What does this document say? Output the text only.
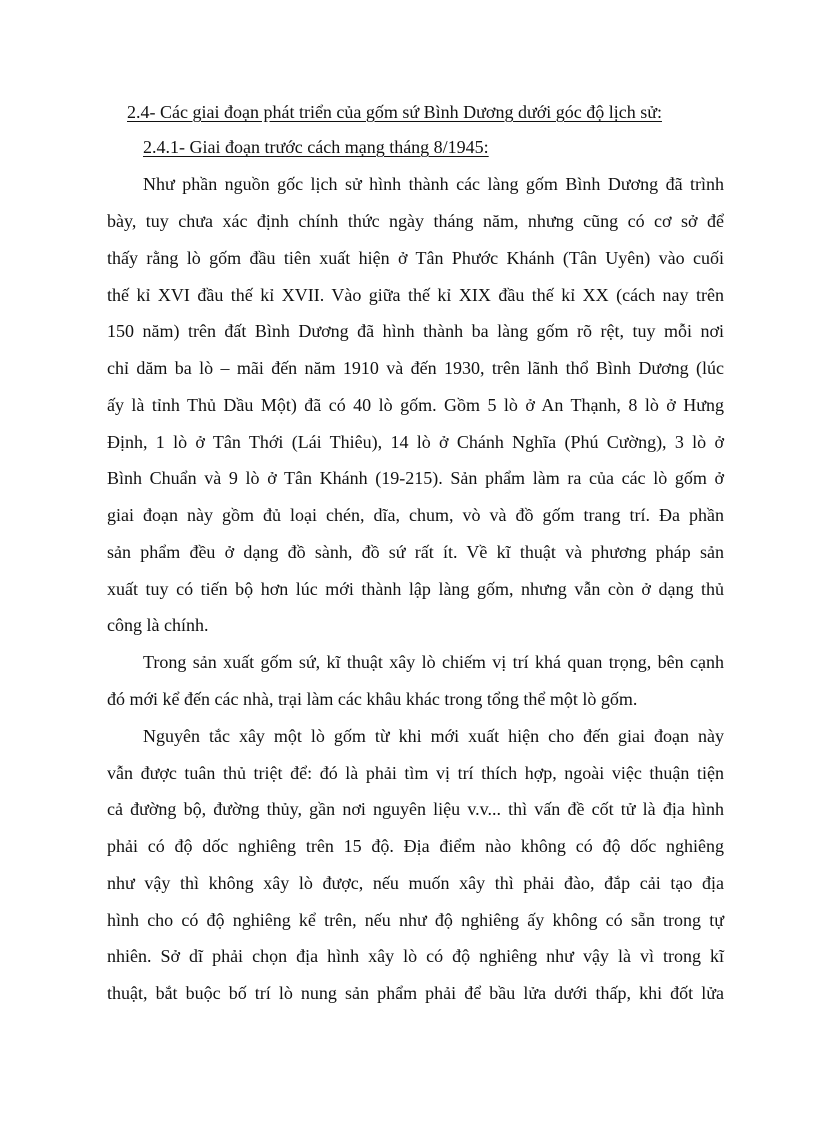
2.4- Các giai đoạn phát triển của gốm sứ Bình Dương dưới góc độ lịch sử:
2.4.1- Giai đoạn trước cách mạng tháng 8/1945:
Như phần nguồn gốc lịch sử hình thành các làng gốm Bình Dương đã trình
bày, tuy chưa xác định chính thức ngày tháng năm, nhưng cũng có cơ sở để
thấy rằng lò gốm đầu tiên xuất hiện ở Tân Phước Khánh (Tân Uyên) vào cuối
thế kỉ XVI đầu thế kỉ XVII. Vào giữa thế kỉ XIX đầu thế kỉ XX (cách nay trên
150 năm) trên đất Bình Dương đã hình thành ba làng gốm rõ rệt, tuy mỗi nơi
chỉ dăm ba lò – mãi đến năm 1910 và đến 1930, trên lãnh thổ Bình Dương (lúc
ấy là tỉnh Thủ Dầu Một) đã có 40 lò gốm. Gồm 5 lò ở An Thạnh, 8 lò ở Hưng
Định, 1 lò ở Tân Thới (Lái Thiêu), 14 lò ở Chánh Nghĩa (Phú Cường), 3 lò ở
Bình Chuẩn và 9 lò ở Tân Khánh (19-215). Sản phẩm làm ra của các lò gốm ở
giai đoạn này gồm đủ loại chén, dĩa, chum, vò và đồ gốm trang trí. Đa phần
sản phẩm đều ở dạng đồ sành, đồ sứ rất ít. Về kĩ thuật và phương pháp sản
xuất tuy có tiến bộ hơn lúc mới thành lập làng gốm, nhưng vẫn còn ở dạng thủ
công là chính.
Trong sản xuất gốm sứ, kĩ thuật xây lò chiếm vị trí khá quan trọng, bên cạnh
đó mới kể đến các nhà, trại làm các khâu khác trong tổng thể một lò gốm.
Nguyên tắc xây một lò gốm từ khi mới xuất hiện cho đến giai đoạn này
vẫn được tuân thủ triệt để: đó là phải tìm vị trí thích hợp, ngoài việc thuận tiện
cả đường bộ, đường thủy, gần nơi nguyên liệu v.v... thì vấn đề cốt tử là địa hình
phải có độ dốc nghiêng trên 15 độ. Địa điểm nào không có độ dốc nghiêng
như vậy thì không xây lò được, nếu muốn xây thì phải đào, đắp cải tạo địa
hình cho có độ nghiêng kể trên, nếu như độ nghiêng ấy không có sẵn trong tự
nhiên. Sở dĩ phải chọn địa hình xây lò có độ nghiêng như vậy là vì trong kĩ
thuật, bắt buộc bố trí lò nung sản phẩm phải để bầu lửa dưới thấp, khi đốt lửa
